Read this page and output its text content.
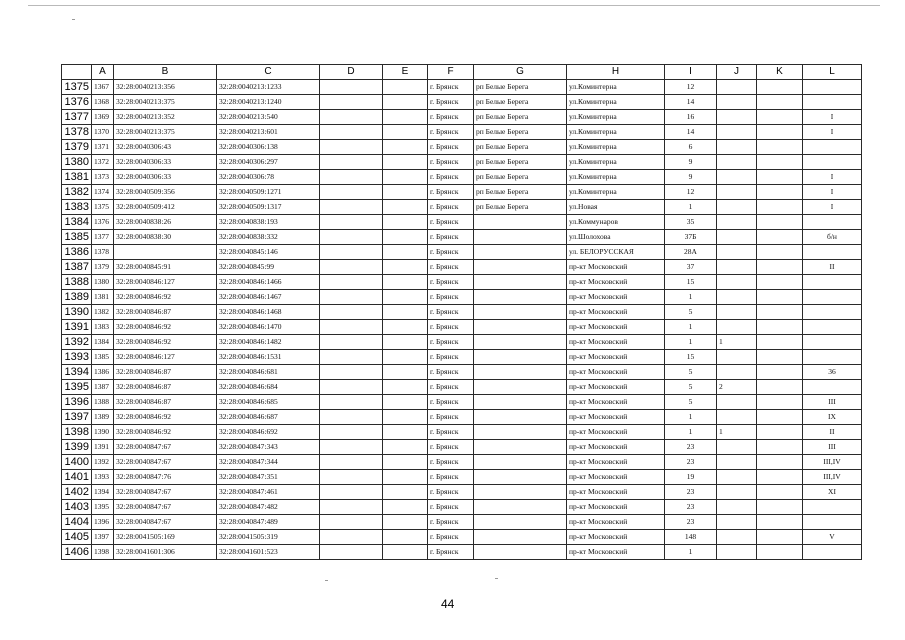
	A	B	C	D	E	F	G	H	I	J	K	L
1375	1367	32:28:0040213:356	32:28:0040213:1233			г. Брянск	рп Белые Берега	ул.Коминтерна	12			
1376	1368	32:28:0040213:375	32:28:0040213:1240			г. Брянск	рп Белые Берега	ул.Коминтерна	14			
1377	1369	32:28:0040213:352	32:28:0040213:540			г. Брянск	рп Белые Берега	ул.Коминтерна	16			I
1378	1370	32:28:0040213:375	32:28:0040213:601			г. Брянск	рп Белые Берега	ул.Коминтерна	14			I
1379	1371	32:28:0040306:43	32:28:0040306:138			г. Брянск	рп Белые Берега	ул.Коминтерна	6			
1380	1372	32:28:0040306:33	32:28:0040306:297			г. Брянск	рп Белые Берега	ул.Коминтерна	9			
1381	1373	32:28:0040306:33	32:28:0040306:78			г. Брянск	рп Белые Берега	ул.Коминтерна	9			I
1382	1374	32:28:0040509:356	32:28:0040509:1271			г. Брянск	рп Белые Берега	ул.Коминтерна	12			I
1383	1375	32:28:0040509:412	32:28:0040509:1317			г. Брянск	рп Белые Берега	ул.Новая	1			I
1384	1376	32:28:0040838:26	32:28:0040838:193			г. Брянск		ул.Коммунаров	35			
1385	1377	32:28:0040838:30	32:28:0040838:332			г. Брянск		ул.Шолохова	37Б			б/н
1386	1378		32:28:0040845:146			г. Брянск		ул. БЕЛОРУССКАЯ	28А			
1387	1379	32:28:0040845:91	32:28:0040845:99			г. Брянск		пр-кт Московский	37			II
1388	1380	32:28:0040846:127	32:28:0040846:1466			г. Брянск		пр-кт Московский	15			
1389	1381	32:28:0040846:92	32:28:0040846:1467			г. Брянск		пр-кт Московский	1			
1390	1382	32:28:0040846:87	32:28:0040846:1468			г. Брянск		пр-кт Московский	5			
1391	1383	32:28:0040846:92	32:28:0040846:1470			г. Брянск		пр-кт Московский	1			
1392	1384	32:28:0040846:92	32:28:0040846:1482			г. Брянск		пр-кт Московский	1	1		
1393	1385	32:28:0040846:127	32:28:0040846:1531			г. Брянск		пр-кт Московский	15			
1394	1386	32:28:0040846:87	32:28:0040846:681			г. Брянск		пр-кт Московский	5			36
1395	1387	32:28:0040846:87	32:28:0040846:684			г. Брянск		пр-кт Московский	5	2		
1396	1388	32:28:0040846:87	32:28:0040846:685			г. Брянск		пр-кт Московский	5			III
1397	1389	32:28:0040846:92	32:28:0040846:687			г. Брянск		пр-кт Московский	1			IX
1398	1390	32:28:0040846:92	32:28:0040846:692			г. Брянск		пр-кт Московский	1	1		II
1399	1391	32:28:0040847:67	32:28:0040847:343			г. Брянск		пр-кт Московский	23			III
1400	1392	32:28:0040847:67	32:28:0040847:344			г. Брянск		пр-кт Московский	23			III,IV
1401	1393	32:28:0040847:76	32:28:0040847:351			г. Брянск		пр-кт Московский	19			III,IV
1402	1394	32:28:0040847:67	32:28:0040847:461			г. Брянск		пр-кт Московский	23			XI
1403	1395	32:28:0040847:67	32:28:0040847:482			г. Брянск		пр-кт Московский	23			
1404	1396	32:28:0040847:67	32:28:0040847:489			г. Брянск		пр-кт Московский	23			
1405	1397	32:28:0041505:169	32:28:0041505:319			г. Брянск		пр-кт Московский	148			V
1406	1398	32:28:0041601:306	32:28:0041601:523			г. Брянск		пр-кт Московский	1			
44
